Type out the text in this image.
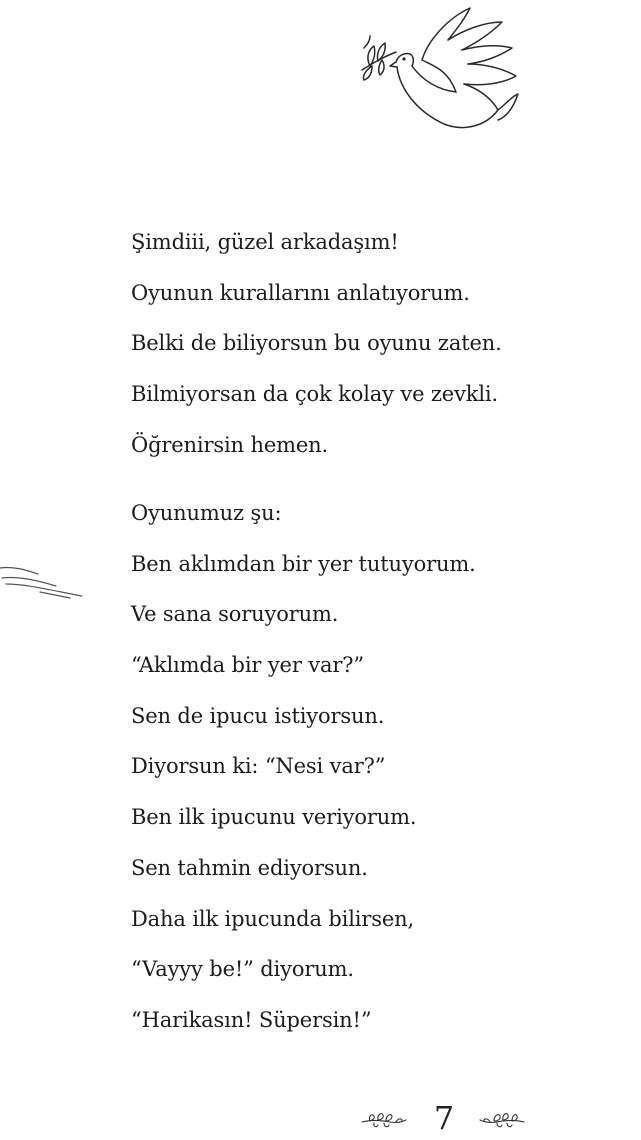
Şimdiii, güzel arkadaşım!
Oyunun kurallarını anlatıyorum.
Belki de biliyorsun bu oyunu zaten.
Bilmiyorsan da çok kolay ve zevkli.
Öğrenirsin hemen.
Oyunumuz şu:
Ben aklımdan bir yer tutuyorum.
Ve sana soruyorum.
“Aklımda bir yer var?”
Sen de ipucu istiyorsun.
Diyorsun ki: “Nesi var?”
Ben ilk ipucunu veriyorum.
Sen tahmin ediyorsun.
Daha ilk ipucunda bilirsen,
“Vayyy be!” diyorum.
“Harikasın! Süpersin!”
7
